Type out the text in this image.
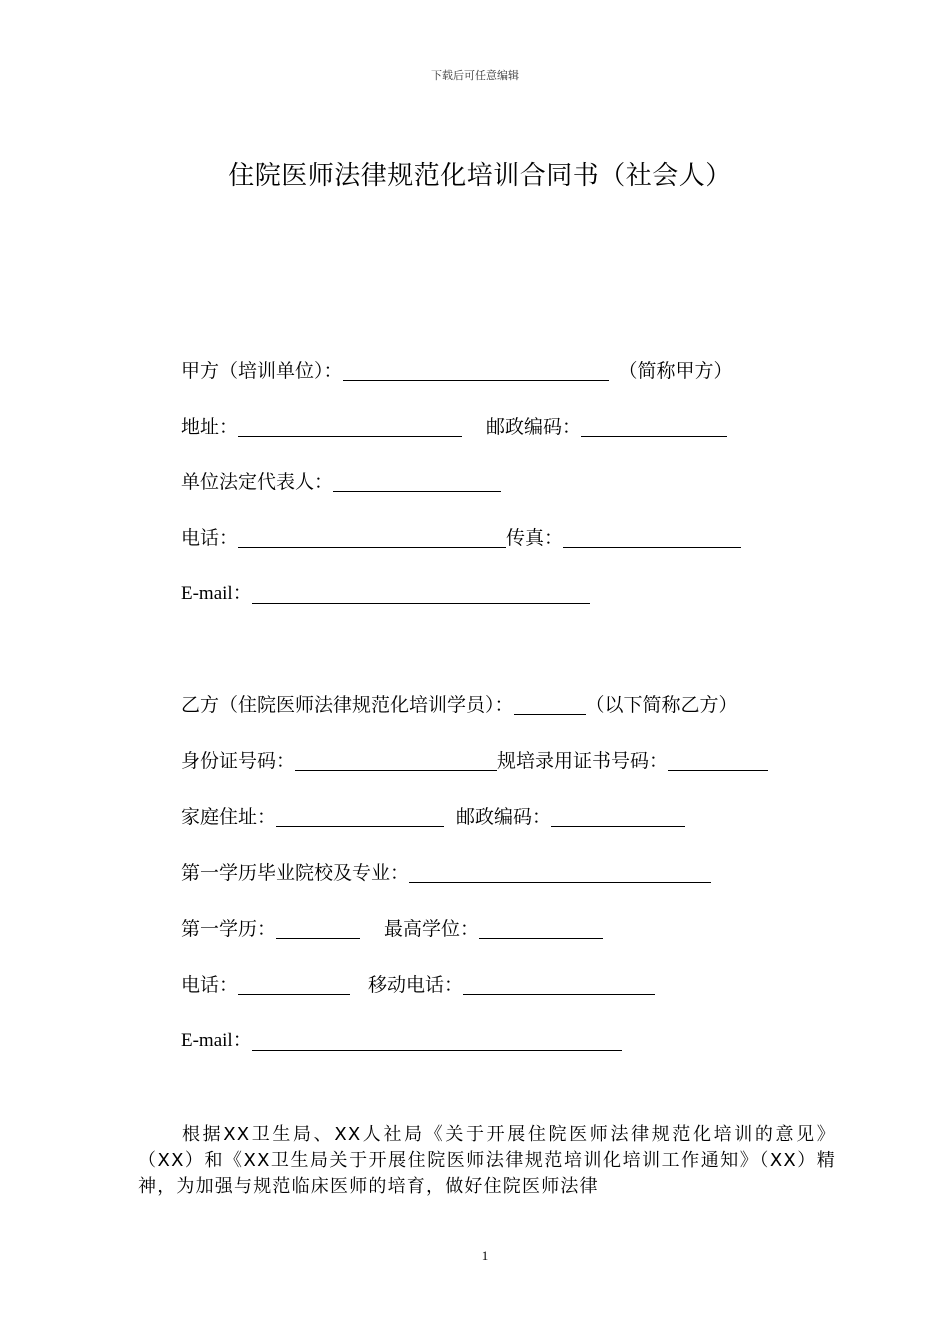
下载后可任意编辑
住院医师法律规范化培训合同书（社会人）
甲方（培训单位）：	（简称甲方）
地址：	邮政编码：
单位法定代表人：
电话：	传真：
E-mail：
乙方（住院医师法律规范化培训学员）：	（以下简称乙方）
身份证号码：	规培录用证书号码：
家庭住址：	邮政编码：
第一学历毕业院校及专业：
第一学历：	最高学位：
电话：	移动电话：
E-mail：

根据XX卫生局、XX人社局《关于开展住院医师法律规范化培训的意见》（XX）和《XX卫生局关于开展住院医师法律规范培训化培训工作通知》（XX）精神，为加强与规范临床医师的培育，做好住院医师法律

1
